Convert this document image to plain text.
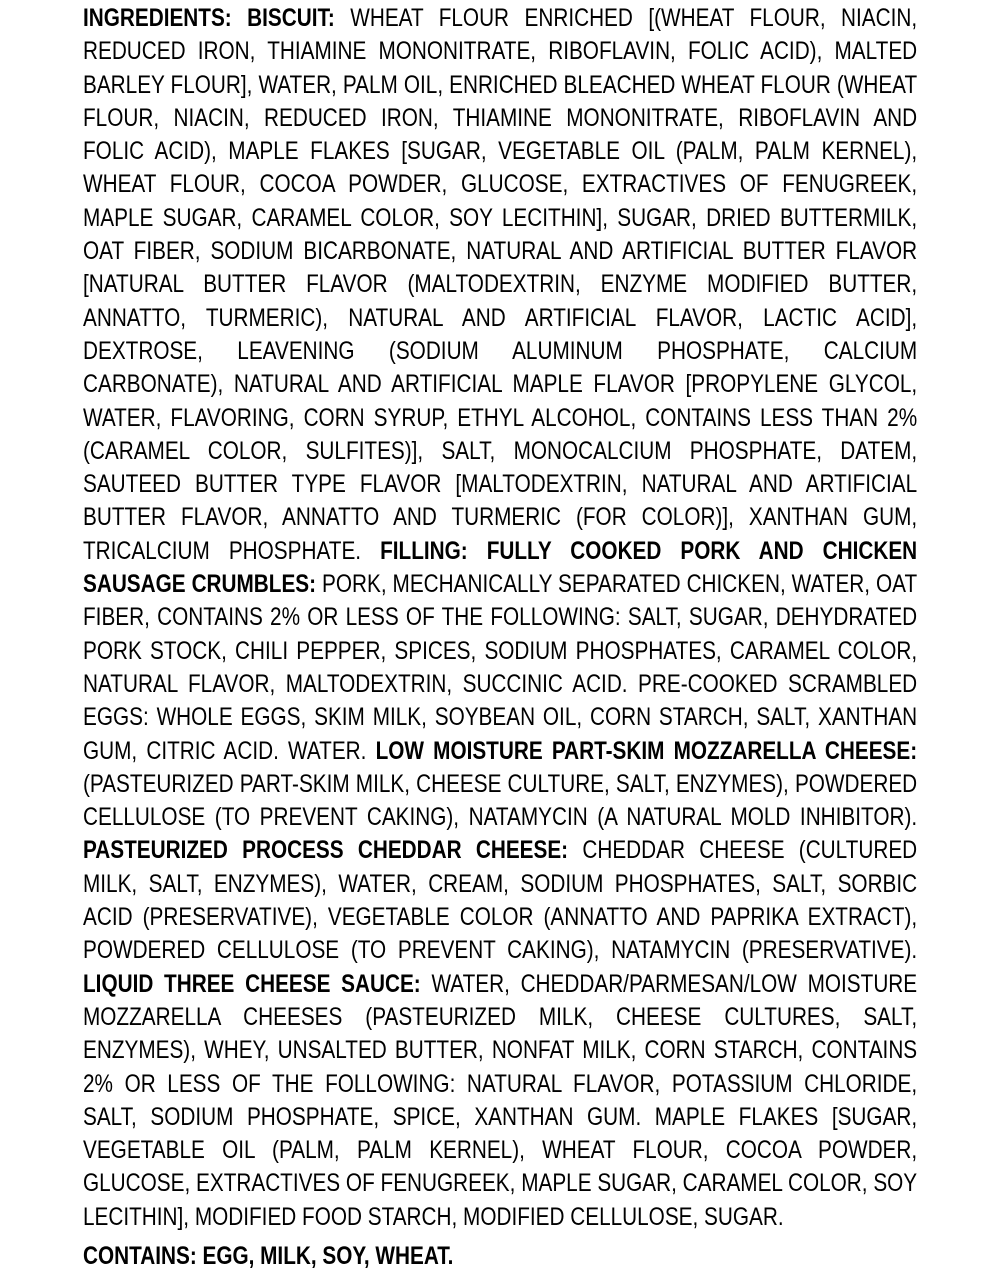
INGREDIENTS: BISCUIT: WHEAT FLOUR ENRICHED [(WHEAT FLOUR, NIACIN, REDUCED IRON, THIAMINE MONONITRATE, RIBOFLAVIN, FOLIC ACID), MALTED BARLEY FLOUR], WATER, PALM OIL, ENRICHED BLEACHED WHEAT FLOUR (WHEAT FLOUR, NIACIN, REDUCED IRON, THIAMINE MONONITRATE, RIBOFLAVIN AND FOLIC ACID), MAPLE FLAKES [SUGAR, VEGETABLE OIL (PALM, PALM KERNEL), WHEAT FLOUR, COCOA POWDER, GLUCOSE, EXTRACTIVES OF FENUGREEK, MAPLE SUGAR, CARAMEL COLOR, SOY LECITHIN], SUGAR, DRIED BUTTERMILK, OAT FIBER, SODIUM BICARBONATE, NATURAL AND ARTIFICIAL BUTTER FLAVOR [NATURAL BUTTER FLAVOR (MALTODEXTRIN, ENZYME MODIFIED BUTTER, ANNATTO, TURMERIC), NATURAL AND ARTIFICIAL FLAVOR, LACTIC ACID], DEXTROSE, LEAVENING (SODIUM ALUMINUM PHOSPHATE, CALCIUM CARBONATE), NATURAL AND ARTIFICIAL MAPLE FLAVOR [PROPYLENE GLYCOL, WATER, FLAVORING, CORN SYRUP, ETHYL ALCOHOL, CONTAINS LESS THAN 2% (CARAMEL COLOR, SULFITES)], SALT, MONOCALCIUM PHOSPHATE, DATEM, SAUTEED BUTTER TYPE FLAVOR [MALTODEXTRIN, NATURAL AND ARTIFICIAL BUTTER FLAVOR, ANNATTO AND TURMERIC (FOR COLOR)], XANTHAN GUM, TRICALCIUM PHOSPHATE. FILLING: FULLY COOKED PORK AND CHICKEN SAUSAGE CRUMBLES: PORK, MECHANICALLY SEPARATED CHICKEN, WATER, OAT FIBER, CONTAINS 2% OR LESS OF THE FOLLOWING: SALT, SUGAR, DEHYDRATED PORK STOCK, CHILI PEPPER, SPICES, SODIUM PHOSPHATES, CARAMEL COLOR, NATURAL FLAVOR, MALTODEXTRIN, SUCCINIC ACID. PRE-COOKED SCRAMBLED EGGS: WHOLE EGGS, SKIM MILK, SOYBEAN OIL, CORN STARCH, SALT, XANTHAN GUM, CITRIC ACID. WATER. LOW MOISTURE PART-SKIM MOZZARELLA CHEESE: (PASTEURIZED PART-SKIM MILK, CHEESE CULTURE, SALT, ENZYMES), POWDERED CELLULOSE (TO PREVENT CAKING), NATAMYCIN (A NATURAL MOLD INHIBITOR). PASTEURIZED PROCESS CHEDDAR CHEESE: CHEDDAR CHEESE (CULTURED MILK, SALT, ENZYMES), WATER, CREAM, SODIUM PHOSPHATES, SALT, SORBIC ACID (PRESERVATIVE), VEGETABLE COLOR (ANNATTO AND PAPRIKA EXTRACT), POWDERED CELLULOSE (TO PREVENT CAKING), NATAMYCIN (PRESERVATIVE). LIQUID THREE CHEESE SAUCE: WATER, CHEDDAR/PARMESAN/LOW MOISTURE MOZZARELLA CHEESES (PASTEURIZED MILK, CHEESE CULTURES, SALT, ENZYMES), WHEY, UNSALTED BUTTER, NONFAT MILK, CORN STARCH, CONTAINS 2% OR LESS OF THE FOLLOWING: NATURAL FLAVOR, POTASSIUM CHLORIDE, SALT, SODIUM PHOSPHATE, SPICE, XANTHAN GUM. MAPLE FLAKES [SUGAR, VEGETABLE OIL (PALM, PALM KERNEL), WHEAT FLOUR, COCOA POWDER, GLUCOSE, EXTRACTIVES OF FENUGREEK, MAPLE SUGAR, CARAMEL COLOR, SOY LECITHIN], MODIFIED FOOD STARCH, MODIFIED CELLULOSE, SUGAR.

CONTAINS: EGG, MILK, SOY, WHEAT.
